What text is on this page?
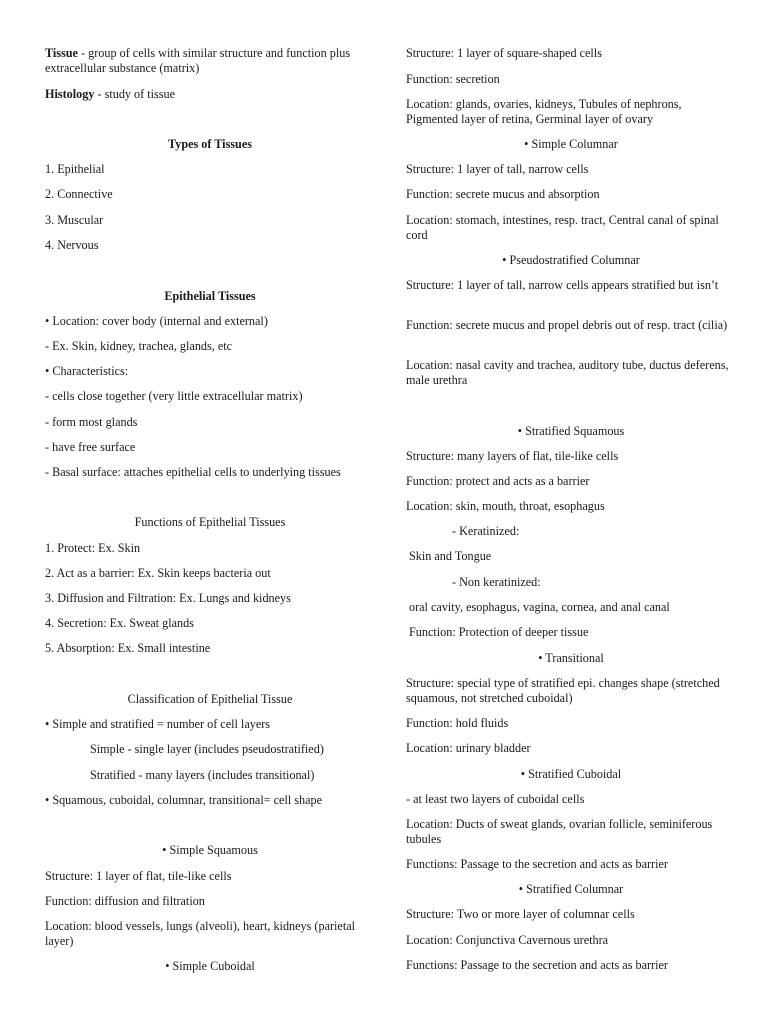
Tissue - group of cells with similar structure and function plus extracellular substance (matrix)

Histology - study of tissue

Types of Tissues

1. Epithelial

2. Connective

3. Muscular

4. Nervous

Epithelial Tissues

• Location: cover body (internal and external)

- Ex. Skin, kidney, trachea, glands, etc

• Characteristics:

- cells close together (very little extracellular matrix)

- form most glands

- have free surface

- Basal surface: attaches epithelial cells to underlying tissues

Functions of Epithelial Tissues

1. Protect: Ex. Skin

2. Act as a barrier: Ex. Skin keeps bacteria out

3. Diffusion and Filtration: Ex. Lungs and kidneys

4. Secretion: Ex. Sweat glands

5. Absorption: Ex. Small intestine

Classification of Epithelial Tissue

• Simple and stratified = number of cell layers

Simple - single layer (includes pseudostratified)

Stratified - many layers (includes transitional)

• Squamous, cuboidal, columnar, transitional= cell shape

• Simple Squamous

Structure: 1 layer of flat, tile-like cells

Function: diffusion and filtration

Location: blood vessels, lungs (alveoli), heart, kidneys (parietal layer)

• Simple Cuboidal

Structure: 1 layer of square-shaped cells

Function: secretion

Location: glands, ovaries, kidneys, Tubules of nephrons, Pigmented layer of retina, Germinal layer of ovary

• Simple Columnar

Structure: 1 layer of tall, narrow cells

Function: secrete mucus and absorption

Location: stomach, intestines, resp. tract, Central canal of spinal cord

• Pseudostratified Columnar

Structure: 1 layer of tall, narrow cells appears stratified but isn’t

Function: secrete mucus and propel debris out of resp. tract (cilia)

Location: nasal cavity and trachea, auditory tube, ductus deferens, male urethra

• Stratified Squamous

Structure: many layers of flat, tile-like cells

Function: protect and acts as a barrier

Location: skin, mouth, throat, esophagus

- Keratinized:

Skin and Tongue

- Non keratinized:

oral cavity, esophagus, vagina, cornea, and anal canal

Function: Protection of deeper tissue

• Transitional

Structure: special type of stratified epi. changes shape (stretched squamous, not stretched cuboidal)

Function: hold fluids

Location: urinary bladder

• Stratified Cuboidal

- at least two layers of cuboidal cells

Location: Ducts of sweat glands, ovarian follicle, seminiferous tubules

Functions: Passage to the secretion and acts as barrier

• Stratified Columnar

Structure: Two or more layer of columnar cells

Location: Conjunctiva Cavernous urethra

Functions: Passage to the secretion and acts as barrier
